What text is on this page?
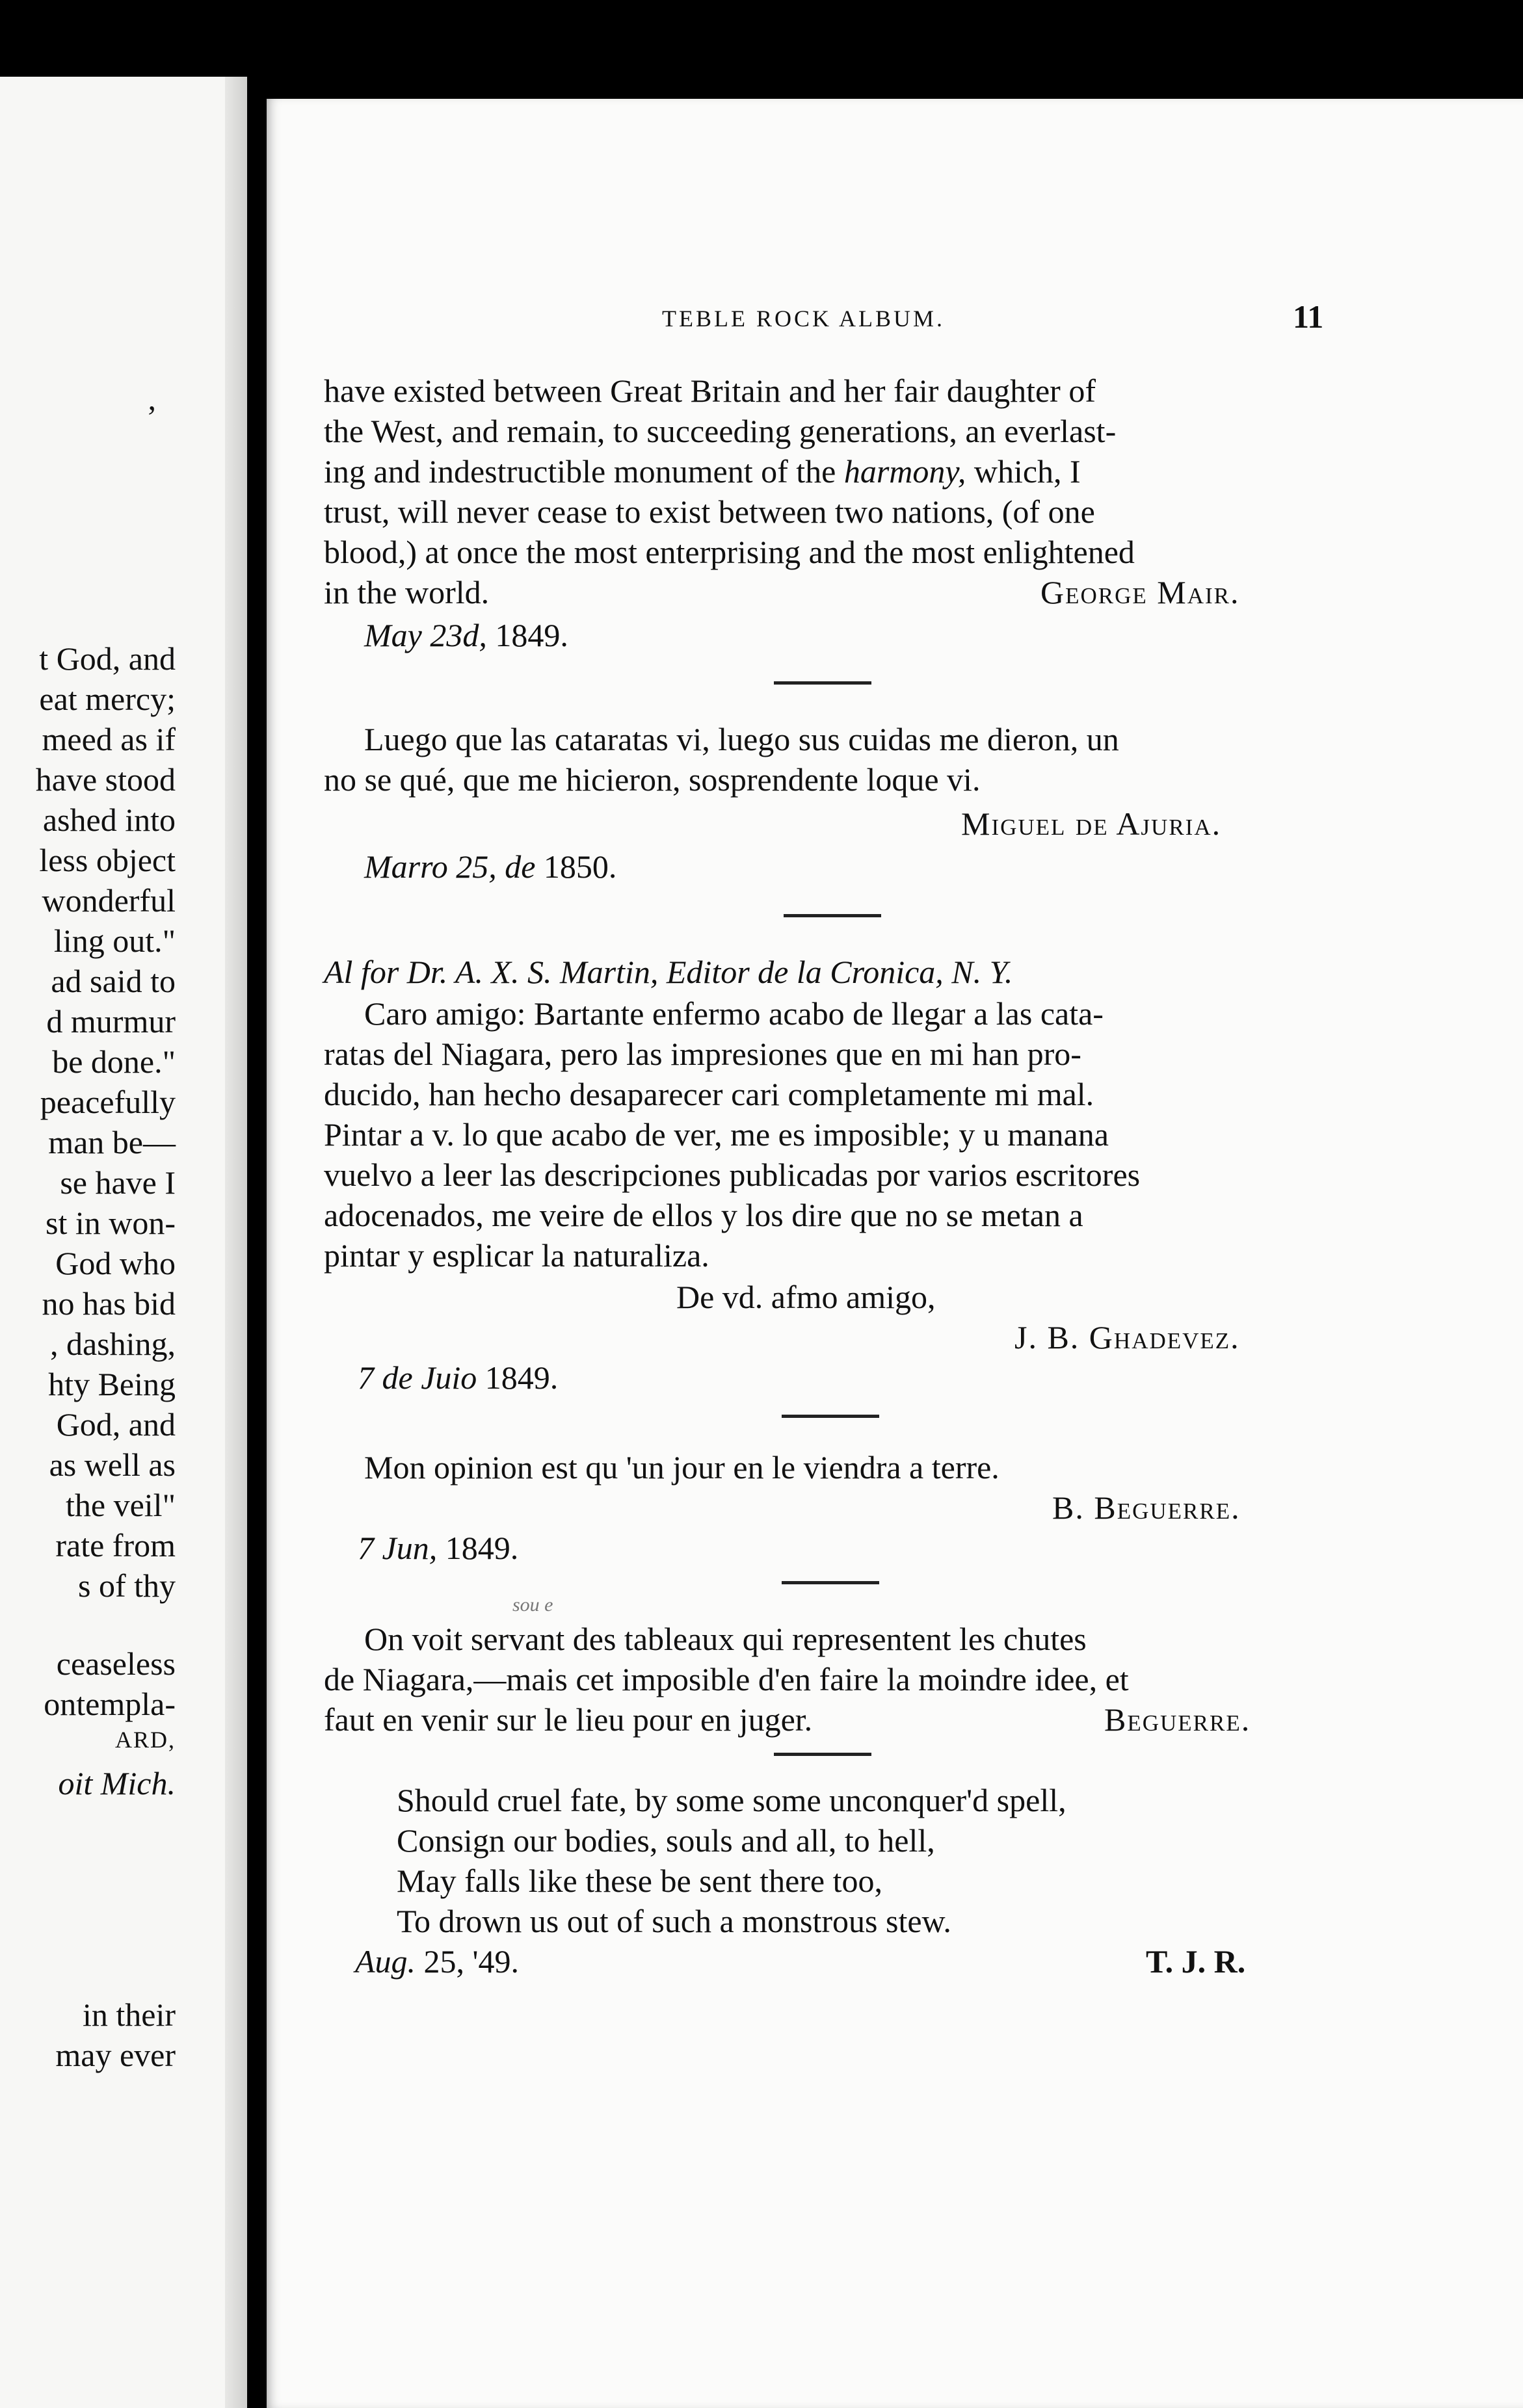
,
t God, and
eat mercy;
meed as if
have stood
ashed into
less object
wonderful
ling out."
ad said to
d murmur
be done."
peacefully
man be—
se have I
st in won-
God who
no has bid
, dashing,
hty Being
God, and
as well as
the veil"
rate from
s of thy
ceaseless
ontempla-
ARD,
oit Mich.
in their
may ever
TEBLE ROCK ALBUM.	11
have existed between Great Britain and her fair daughter of
the West, and remain, to succeeding generations, an everlast-
ing and indestructible monument of the harmony, which, I
trust, will never cease to exist between two nations, (of one
blood,) at once the most enterprising and the most enlightened
in the world.	George Mair.
May 23d, 1849.
Luego que las cataratas vi, luego sus cuidas me dieron, un
no se qué, que me hicieron, sosprendente loque vi.
Miguel de Ajuria.
Marro 25, de 1850.
Al for Dr. A. X. S. Martin, Editor de la Cronica, N. Y.
Caro amigo: Bartante enfermo acabo de llegar a las cata-
ratas del Niagara, pero las impresiones que en mi han pro-
ducido, han hecho desaparecer cari completamente mi mal.
Pintar a v. lo que acabo de ver, me es imposible; y u manana
vuelvo a leer las descripciones publicadas por varios escritores
adocenados, me veire de ellos y los dire que no se metan a
pintar y esplicar la naturaliza.
De vd. afmo amigo,
J. B. Ghadevez.
7 de Juio 1849.
Mon opinion est qu 'un jour en le viendra a terre.
B. Beguerre.
7 Jun, 1849.
sou e
On voit servant des tableaux qui representent les chutes
de Niagara,—mais cet imposible d'en faire la moindre idee, et
faut en venir sur le lieu pour en juger.	Beguerre.
Should cruel fate, by some some unconquer'd spell,
Consign our bodies, souls and all, to hell,
May falls like these be sent there too,
To drown us out of such a monstrous stew.
Aug. 25, '49.	T. J. R.
